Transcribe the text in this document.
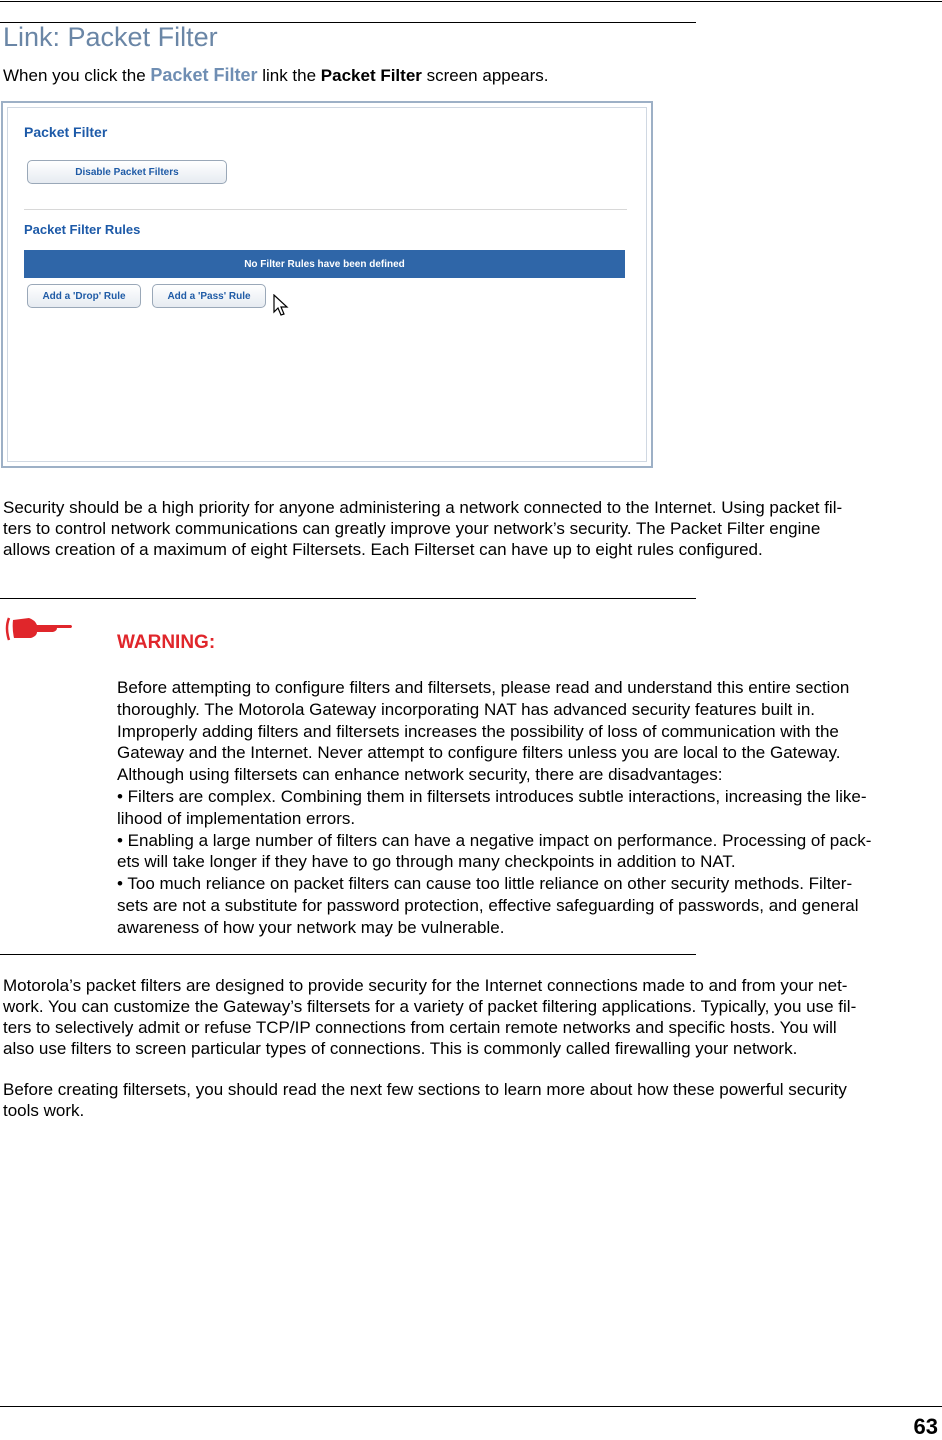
Link: Packet Filter
When you click the Packet Filter link the Packet Filter screen appears.
Packet Filter
Disable Packet Filters
Packet Filter Rules
No Filter Rules have been defined
Add a 'Drop' Rule	Add a 'Pass' Rule
Security should be a high priority for anyone administering a network connected to the Internet. Using packet fil-
ters to control network communications can greatly improve your network’s security. The Packet Filter engine
allows creation of a maximum of eight Filtersets. Each Filterset can have up to eight rules configured.
WARNING:
Before attempting to configure filters and filtersets, please read and understand this entire section
thoroughly. The Motorola Gateway incorporating NAT has advanced security features built in.
Improperly adding filters and filtersets increases the possibility of loss of communication with the
Gateway and the Internet. Never attempt to configure filters unless you are local to the Gateway.
Although using filtersets can enhance network security, there are disadvantages:
• Filters are complex. Combining them in filtersets introduces subtle interactions, increasing the like-
lihood of implementation errors.
• Enabling a large number of filters can have a negative impact on performance. Processing of pack-
ets will take longer if they have to go through many checkpoints in addition to NAT.
• Too much reliance on packet filters can cause too little reliance on other security methods. Filter-
sets are not a substitute for password protection, effective safeguarding of passwords, and general
awareness of how your network may be vulnerable.
Motorola’s packet filters are designed to provide security for the Internet connections made to and from your net-
work. You can customize the Gateway’s filtersets for a variety of packet filtering applications. Typically, you use fil-
ters to selectively admit or refuse TCP/IP connections from certain remote networks and specific hosts. You will
also use filters to screen particular types of connections. This is commonly called firewalling your network.
Before creating filtersets, you should read the next few sections to learn more about how these powerful security
tools work.
63
